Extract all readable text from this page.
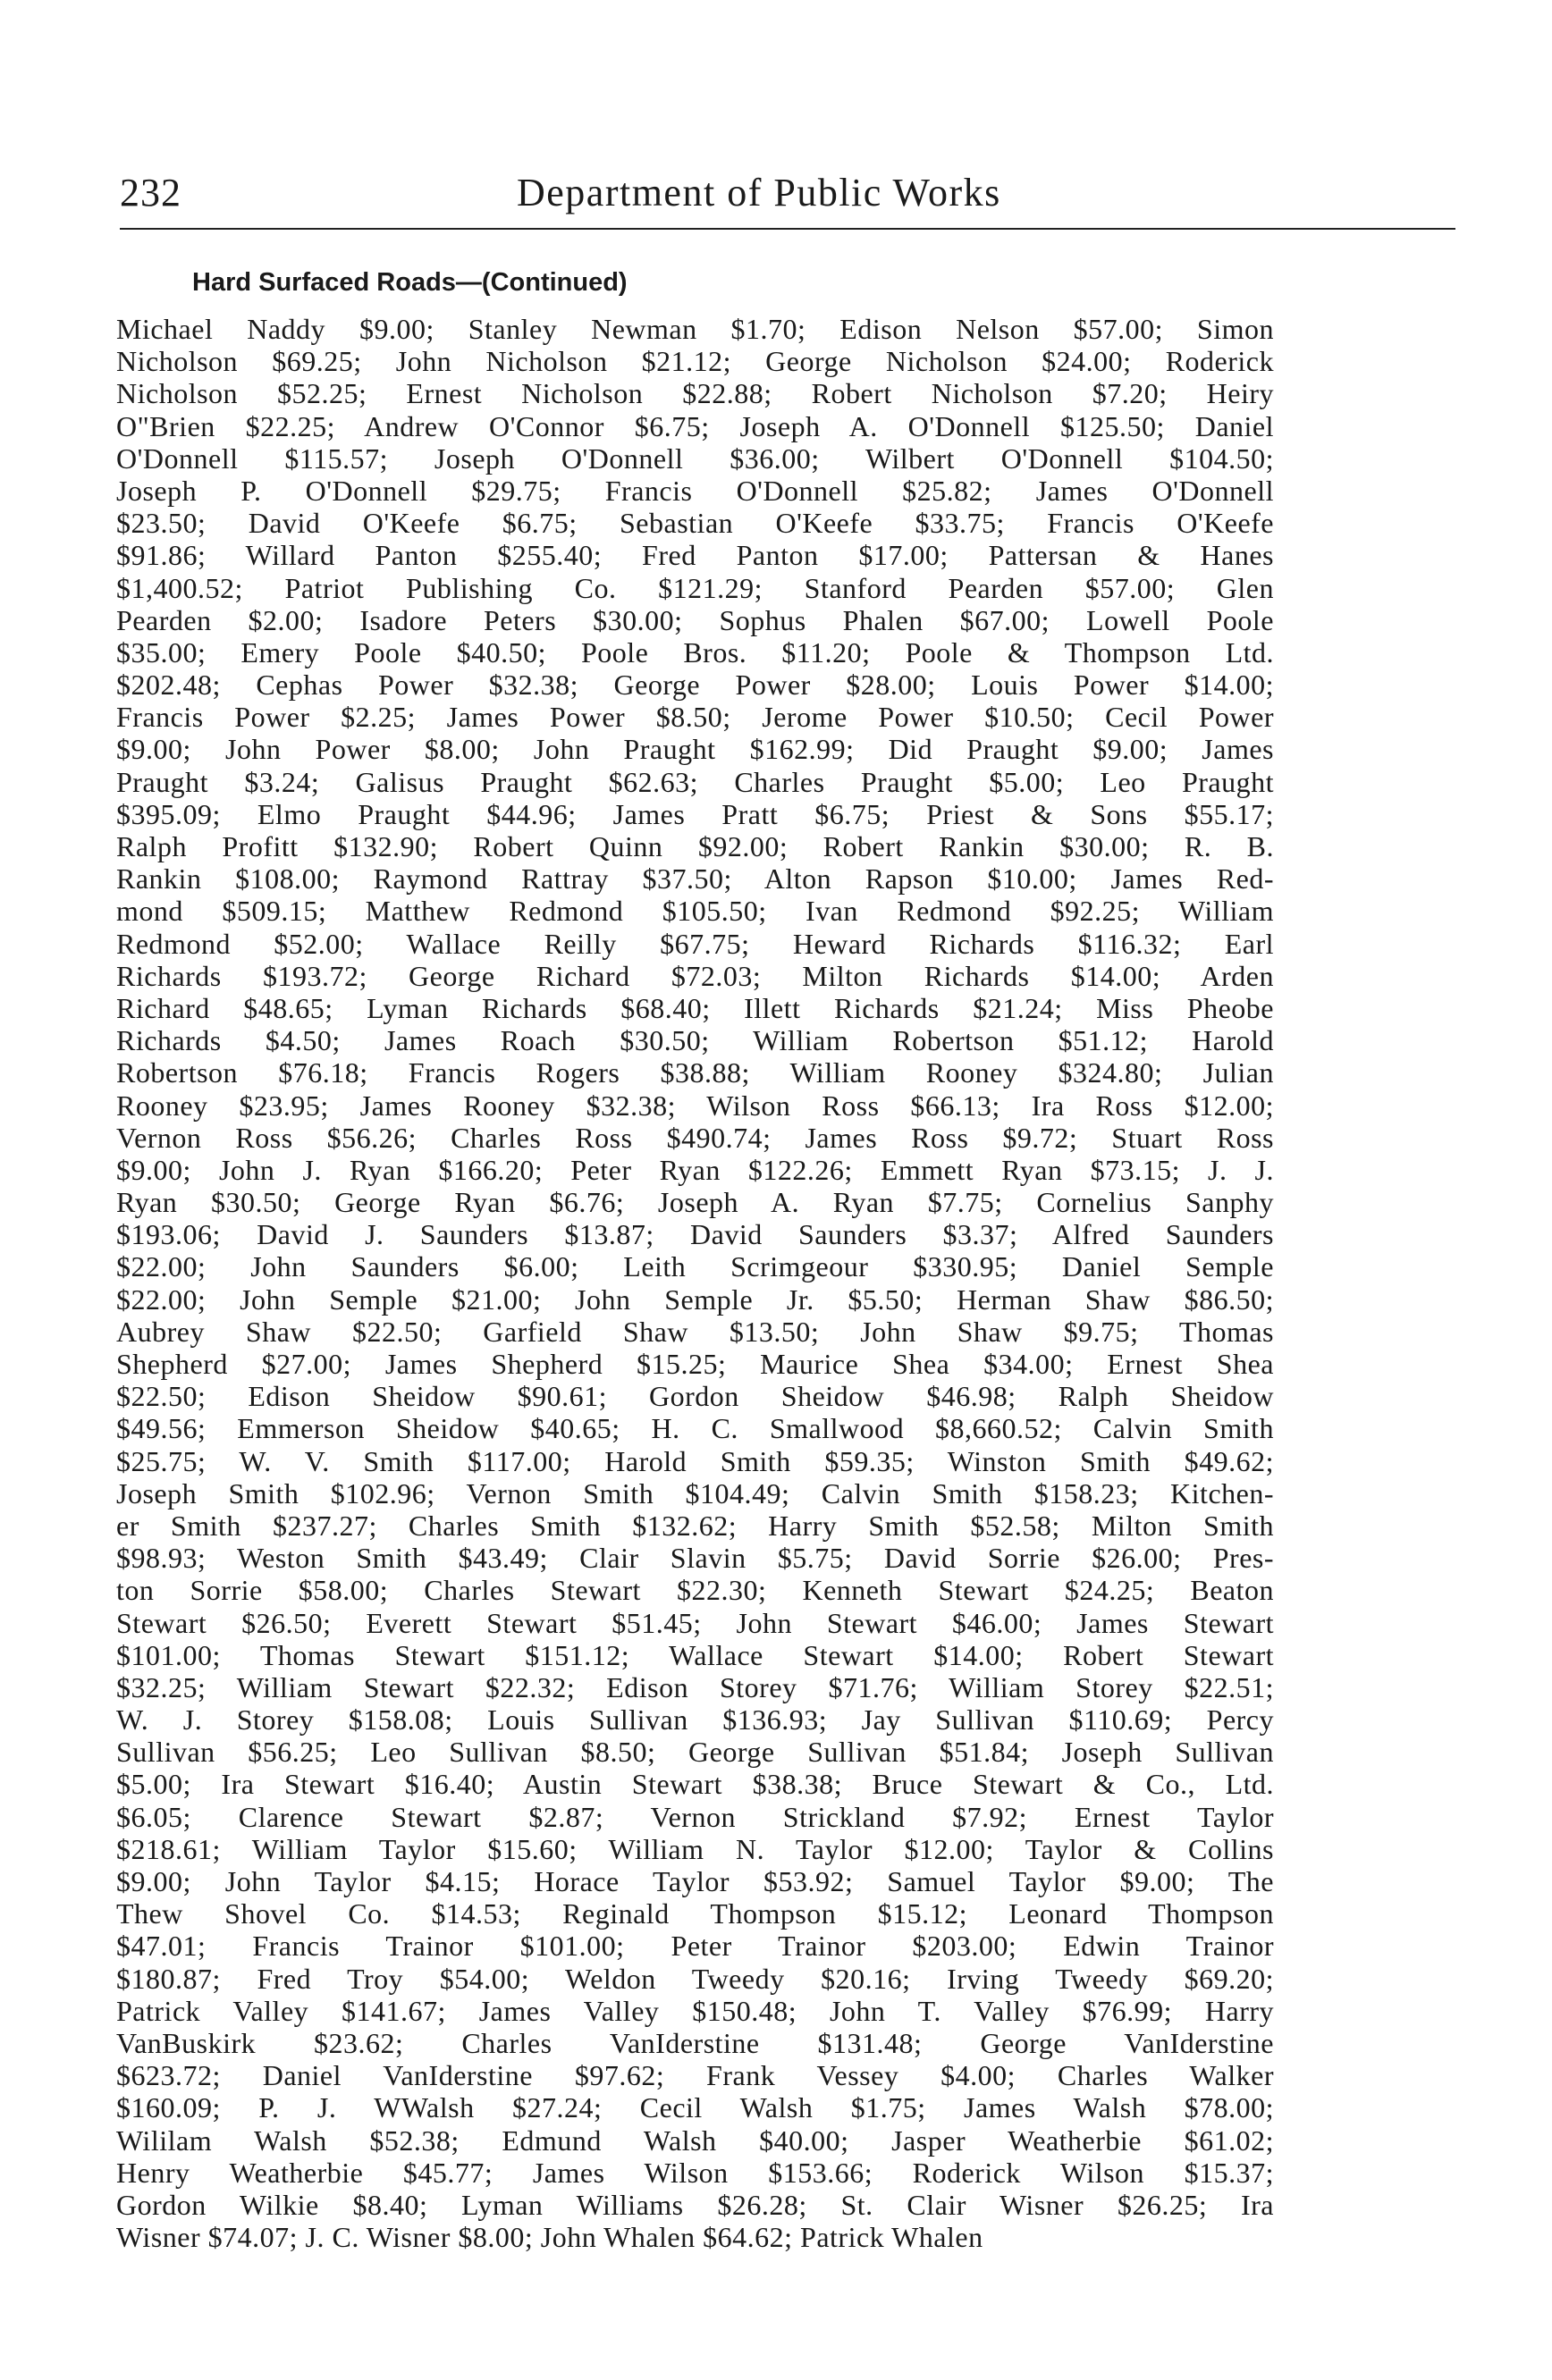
232	Department of Public Works
Hard Surfaced Roads—(Continued)
Michael Naddy $9.00; Stanley Newman $1.70; Edison Nelson $57.00; Simon
Nicholson $69.25; John Nicholson $21.12; George Nicholson $24.00; Roderick
Nicholson $52.25; Ernest Nicholson $22.88; Robert Nicholson $7.20; Heiry
O"Brien $22.25; Andrew O'Connor $6.75; Joseph A. O'Donnell $125.50; Daniel
O'Donnell $115.57; Joseph O'Donnell $36.00; Wilbert O'Donnell $104.50;
Joseph P. O'Donnell $29.75; Francis O'Donnell $25.82; James O'Donnell
$23.50; David O'Keefe $6.75; Sebastian O'Keefe $33.75; Francis O'Keefe
$91.86; Willard Panton $255.40; Fred Panton $17.00; Pattersan & Hanes
$1,400.52; Patriot Publishing Co. $121.29; Stanford Pearden $57.00; Glen
Pearden $2.00; Isadore Peters $30.00; Sophus Phalen $67.00; Lowell Poole
$35.00; Emery Poole $40.50; Poole Bros. $11.20; Poole & Thompson Ltd.
$202.48; Cephas Power $32.38; George Power $28.00; Louis Power $14.00;
Francis Power $2.25; James Power $8.50; Jerome Power $10.50; Cecil Power
$9.00; John Power $8.00; John Praught $162.99; Did Praught $9.00; James
Praught $3.24; Galisus Praught $62.63; Charles Praught $5.00; Leo Praught
$395.09; Elmo Praught $44.96; James Pratt $6.75; Priest & Sons $55.17;
Ralph Profitt $132.90; Robert Quinn $92.00; Robert Rankin $30.00; R. B.
Rankin $108.00; Raymond Rattray $37.50; Alton Rapson $10.00; James Red-
mond $509.15; Matthew Redmond $105.50; Ivan Redmond $92.25; William
Redmond $52.00; Wallace Reilly $67.75; Heward Richards $116.32; Earl
Richards $193.72; George Richard $72.03; Milton Richards $14.00; Arden
Richard $48.65; Lyman Richards $68.40; Illett Richards $21.24; Miss Pheobe
Richards $4.50; James Roach $30.50; William Robertson $51.12; Harold
Robertson $76.18; Francis Rogers $38.88; William Rooney $324.80; Julian
Rooney $23.95; James Rooney $32.38; Wilson Ross $66.13; Ira Ross $12.00;
Vernon Ross $56.26; Charles Ross $490.74; James Ross $9.72; Stuart Ross
$9.00; John J. Ryan $166.20; Peter Ryan $122.26; Emmett Ryan $73.15; J. J.
Ryan $30.50; George Ryan $6.76; Joseph A. Ryan $7.75; Cornelius Sanphy
$193.06; David J. Saunders $13.87; David Saunders $3.37; Alfred Saunders
$22.00; John Saunders $6.00; Leith Scrimgeour $330.95; Daniel Semple
$22.00; John Semple $21.00; John Semple Jr. $5.50; Herman Shaw $86.50;
Aubrey Shaw $22.50; Garfield Shaw $13.50; John Shaw $9.75; Thomas
Shepherd $27.00; James Shepherd $15.25; Maurice Shea $34.00; Ernest Shea
$22.50; Edison Sheidow $90.61; Gordon Sheidow $46.98; Ralph Sheidow
$49.56; Emmerson Sheidow $40.65; H. C. Smallwood $8,660.52; Calvin Smith
$25.75; W. V. Smith $117.00; Harold Smith $59.35; Winston Smith $49.62;
Joseph Smith $102.96; Vernon Smith $104.49; Calvin Smith $158.23; Kitchen-
er Smith $237.27; Charles Smith $132.62; Harry Smith $52.58; Milton Smith
$98.93; Weston Smith $43.49; Clair Slavin $5.75; David Sorrie $26.00; Pres-
ton Sorrie $58.00; Charles Stewart $22.30; Kenneth Stewart $24.25; Beaton
Stewart $26.50; Everett Stewart $51.45; John Stewart $46.00; James Stewart
$101.00; Thomas Stewart $151.12; Wallace Stewart $14.00; Robert Stewart
$32.25; William Stewart $22.32; Edison Storey $71.76; William Storey $22.51;
W. J. Storey $158.08; Louis Sullivan $136.93; Jay Sullivan $110.69; Percy
Sullivan $56.25; Leo Sullivan $8.50; George Sullivan $51.84; Joseph Sullivan
$5.00; Ira Stewart $16.40; Austin Stewart $38.38; Bruce Stewart & Co., Ltd.
$6.05; Clarence Stewart $2.87; Vernon Strickland $7.92; Ernest Taylor
$218.61; William Taylor $15.60; William N. Taylor $12.00; Taylor & Collins
$9.00; John Taylor $4.15; Horace Taylor $53.92; Samuel Taylor $9.00; The
Thew Shovel Co. $14.53; Reginald Thompson $15.12; Leonard Thompson
$47.01; Francis Trainor $101.00; Peter Trainor $203.00; Edwin Trainor
$180.87; Fred Troy $54.00; Weldon Tweedy $20.16; Irving Tweedy $69.20;
Patrick Valley $141.67; James Valley $150.48; John T. Valley $76.99; Harry
VanBuskirk $23.62; Charles VanIderstine $131.48; George VanIderstine
$623.72; Daniel VanIderstine $97.62; Frank Vessey $4.00; Charles Walker
$160.09; P. J. WWalsh $27.24; Cecil Walsh $1.75; James Walsh $78.00;
Wililam Walsh $52.38; Edmund Walsh $40.00; Jasper Weatherbie $61.02;
Henry Weatherbie $45.77; James Wilson $153.66; Roderick Wilson $15.37;
Gordon Wilkie $8.40; Lyman Williams $26.28; St. Clair Wisner $26.25; Ira
Wisner $74.07; J. C. Wisner $8.00; John Whalen $64.62; Patrick Whalen
